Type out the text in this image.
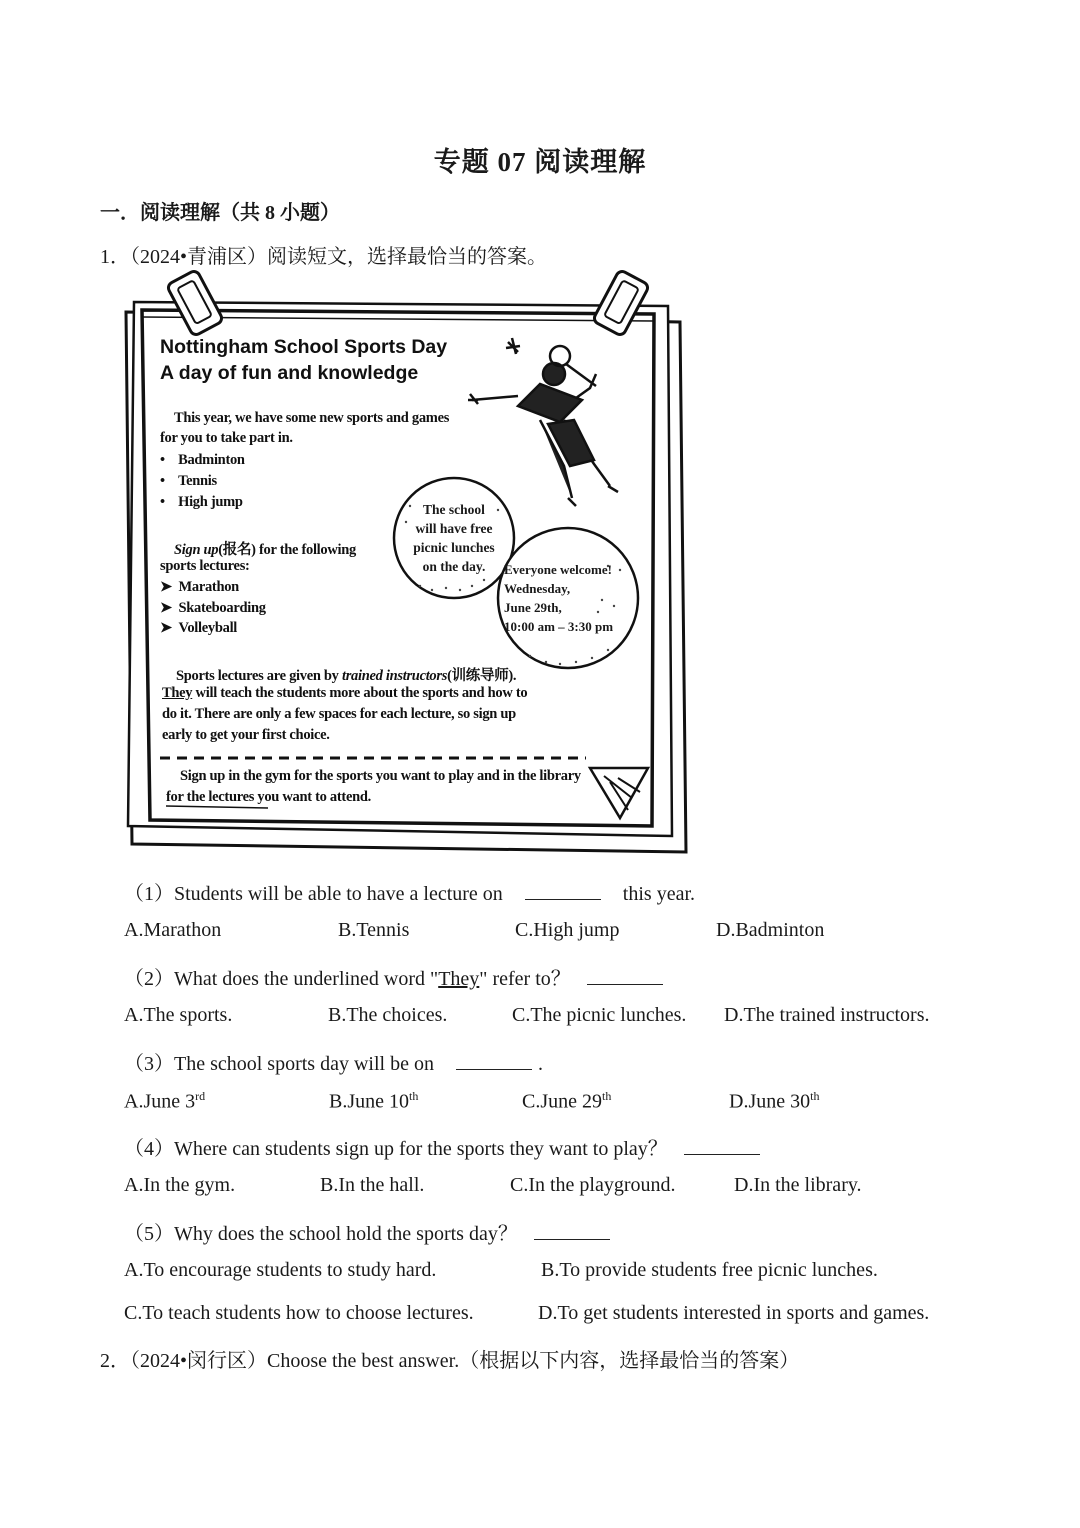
专题 07 阅读理解
一．阅读理解（共 8 小题）
1．（2024•青浦区）阅读短文，选择最恰当的答案。
Nottingham School Sports Day
A day of fun and knowledge
This year, we have some new sports and games
for you to take part in.
• Badminton
• Tennis
• High jump
Sign up(报名) for the following
sports lectures:
➤ Marathon
➤ Skateboarding
➤ Volleyball
The school
will have free
picnic lunches
on the day.	Everyone welcome!
Wednesday,
June 29th,
10:00 am – 3:30 pm
Sports lectures are given by trained instructors(训练导师).
They will teach the students more about the sports and how to
do it. There are only a few spaces for each lecture, so sign up
early to get your first choice.
Sign up in the gym for the sports you want to play and in the library
for the lectures you want to attend.
（1）Students will be able to have a lecture on	this year.
A.Marathon	B.Tennis	C.High jump	D.Badminton
（2）What does the underlined word "They" refer to？
A.The sports.	B.The choices.	C.The picnic lunches. D.The trained instructors.
（3）The school sports day will be on	.
A.June 3rd	B.June 10th	C.June 29th	D.June 30th
（4）Where can students sign up for the sports they want to play？
A.In the gym.	B.In the hall.	C.In the playground.	D.In the library.
（5）Why does the school hold the sports day？
A.To encourage students to study hard.	B.To provide students free picnic lunches.
C.To teach students how to choose lectures.	D.To get students interested in sports and games.
2．（2024•闵行区）Choose the best answer.（根据以下内容，选择最恰当的答案）
